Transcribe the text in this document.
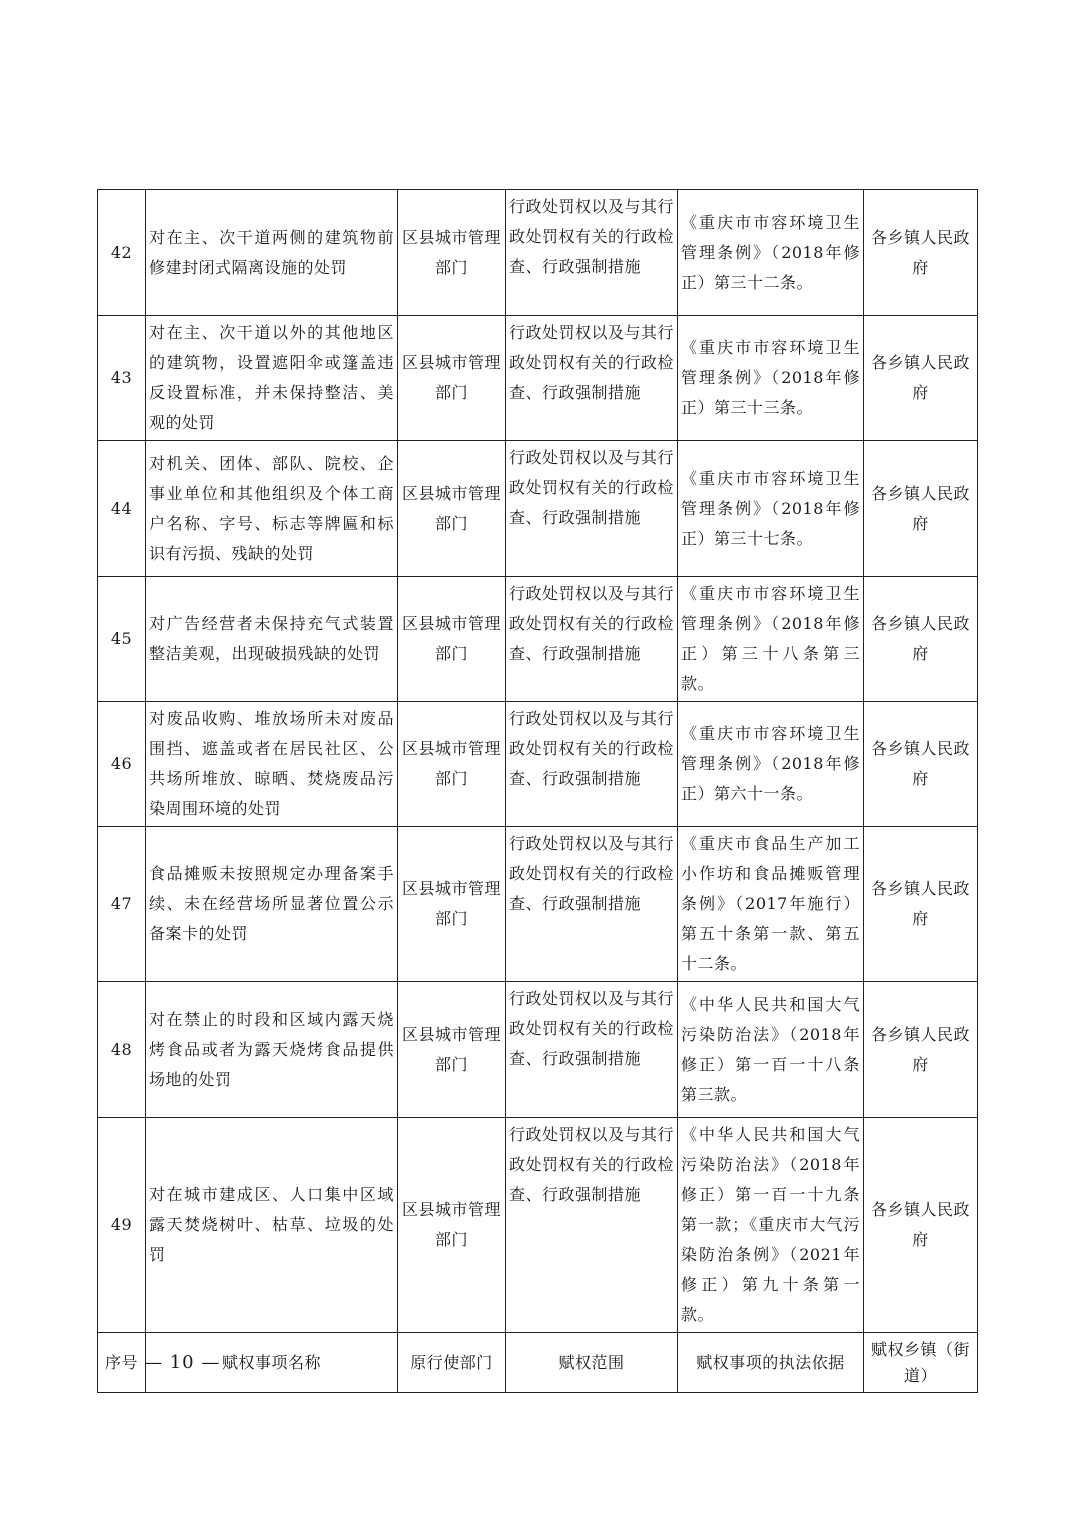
42	对在主、次干道两侧的建筑物前修建封闭式隔离设施的处罚	区县城市管理部门	行政处罚权以及与其行政处罚权有关的行政检查、行政强制措施	《重庆市市容环境卫生管理条例》（2018年修正）第三十二条。	各乡镇人民政府
43	对在主、次干道以外的其他地区的建筑物，设置遮阳伞或篷盖违反设置标准，并未保持整洁、美观的处罚	区县城市管理部门	行政处罚权以及与其行政处罚权有关的行政检查、行政强制措施	《重庆市市容环境卫生管理条例》（2018年修正）第三十三条。	各乡镇人民政府
44	对机关、团体、部队、院校、企事业单位和其他组织及个体工商户名称、字号、标志等牌匾和标识有污损、残缺的处罚	区县城市管理部门	行政处罚权以及与其行政处罚权有关的行政检查、行政强制措施	《重庆市市容环境卫生管理条例》（2018年修正）第三十七条。	各乡镇人民政府
45	对广告经营者未保持充气式装置整洁美观，出现破损残缺的处罚	区县城市管理部门	行政处罚权以及与其行政处罚权有关的行政检查、行政强制措施	《重庆市市容环境卫生管理条例》（2018年修正）第三十八条第三款。	各乡镇人民政府
46	对废品收购、堆放场所未对废品围挡、遮盖或者在居民社区、公共场所堆放、晾晒、焚烧废品污染周围环境的处罚	区县城市管理部门	行政处罚权以及与其行政处罚权有关的行政检查、行政强制措施	《重庆市市容环境卫生管理条例》（2018年修正）第六十一条。	各乡镇人民政府
47	食品摊贩未按照规定办理备案手续、未在经营场所显著位置公示备案卡的处罚	区县城市管理部门	行政处罚权以及与其行政处罚权有关的行政检查、行政强制措施	《重庆市食品生产加工小作坊和食品摊贩管理条例》（2017年施行）第五十条第一款、第五十二条。	各乡镇人民政府
48	对在禁止的时段和区域内露天烧烤食品或者为露天烧烤食品提供场地的处罚	区县城市管理部门	行政处罚权以及与其行政处罚权有关的行政检查、行政强制措施	《中华人民共和国大气污染防治法》（2018年修正）第一百一十八条第三款。	各乡镇人民政府
49	对在城市建成区、人口集中区域露天焚烧树叶、枯草、垃圾的处罚	区县城市管理部门	行政处罚权以及与其行政处罚权有关的行政检查、行政强制措施	《中华人民共和国大气污染防治法》（2018年修正）第一百一十九条第一款；《重庆市大气污染防治条例》（2021年修正）第九十条第一款。	各乡镇人民政府
序号	赋权事项名称	原行使部门	赋权范围	赋权事项的执法依据	赋权乡镇（街道）
— 10 —
